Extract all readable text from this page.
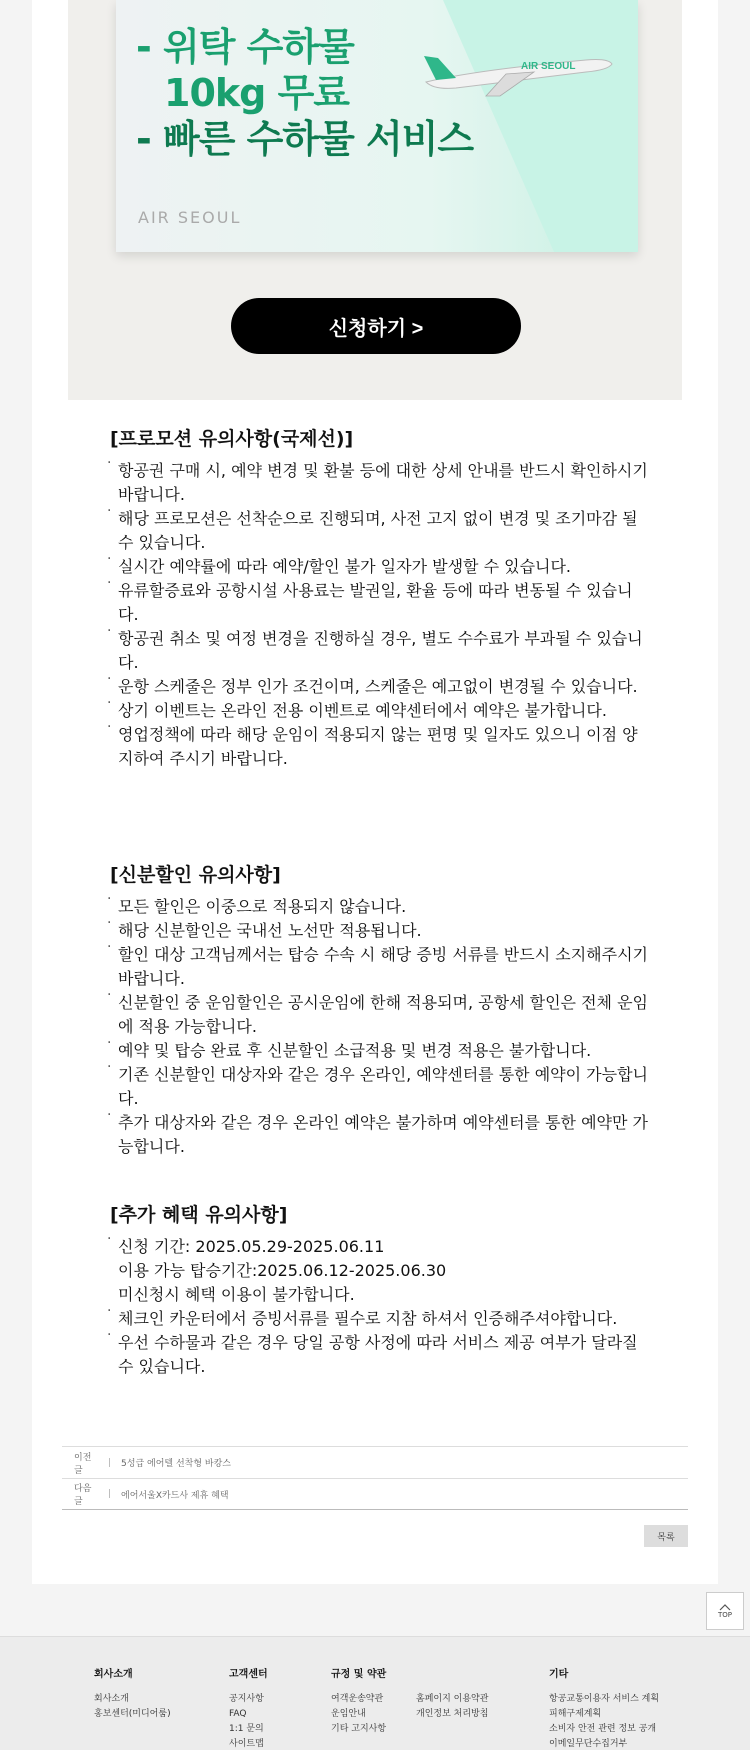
- 위탁 수하물
10kg 무료
- 빠른 수하물 서비스
AIR SEOUL
AIR SEOUL
신청하기 >
[프로모션 유의사항(국제선)]
· 항공권 구매 시, 예약 변경 및 환불 등에 대한 상세 안내를 반드시 확인하시기 바랍니다.
· 해당 프로모션은 선착순으로 진행되며, 사전 고지 없이 변경 및 조기마감 될 수 있습니다.
· 실시간 예약률에 따라 예약/할인 불가 일자가 발생할 수 있습니다.
· 유류할증료와 공항시설 사용료는 발권일, 환율 등에 따라 변동될 수 있습니다.
· 항공권 취소 및 여정 변경을 진행하실 경우, 별도 수수료가 부과될 수 있습니다.
· 운항 스케줄은 정부 인가 조건이며, 스케줄은 예고없이 변경될 수 있습니다.
· 상기 이벤트는 온라인 전용 이벤트로 예약센터에서 예약은 불가합니다.
· 영업정책에 따라 해당 운임이 적용되지 않는 편명 및 일자도 있으니 이점 양지하여 주시기 바랍니다.
[신분할인 유의사항]
· 모든 할인은 이중으로 적용되지 않습니다.
· 해당 신분할인은 국내선 노선만 적용됩니다.
· 할인 대상 고객님께서는 탑승 수속 시 해당 증빙 서류를 반드시 소지해주시기 바랍니다.
· 신분할인 중 운임할인은 공시운임에 한해 적용되며, 공항세 할인은 전체 운임에 적용 가능합니다.
· 예약 및 탑승 완료 후 신분할인 소급적용 및 변경 적용은 불가합니다.
· 기존 신분할인 대상자와 같은 경우 온라인, 예약센터를 통한 예약이 가능합니다.
· 추가 대상자와 같은 경우 온라인 예약은 불가하며 예약센터를 통한 예약만 가능합니다.
[추가 혜택 유의사항]
· 신청 기간: 2025.05.29-2025.06.11
이용 가능 탑승기간:2025.06.12-2025.06.30
미신청시 혜택 이용이 불가합니다.
· 체크인 카운터에서 증빙서류를 필수로 지참 하셔서 인증해주셔야합니다.
· 우선 수하물과 같은 경우 당일 공항 사정에 따라 서비스 제공 여부가 달라질 수 있습니다.
이전글
|	5성급 에어텔 선착형 바캉스
다음글
|	에어서울X카드사 제휴 혜택
목록
TOP
회사소개
회사소개
홍보센터(미디어룸)
고객센터
공지사항
FAQ
1:1 문의
사이트맵
규정 및 약관
여객운송약관
운임안내
기타 고지사항
홈페이지 이용약관
개인정보 처리방침
기타
항공교통이용자 서비스 계획
피해구제계획
소비자 안전 관련 정보 공개
이메일무단수집거부
